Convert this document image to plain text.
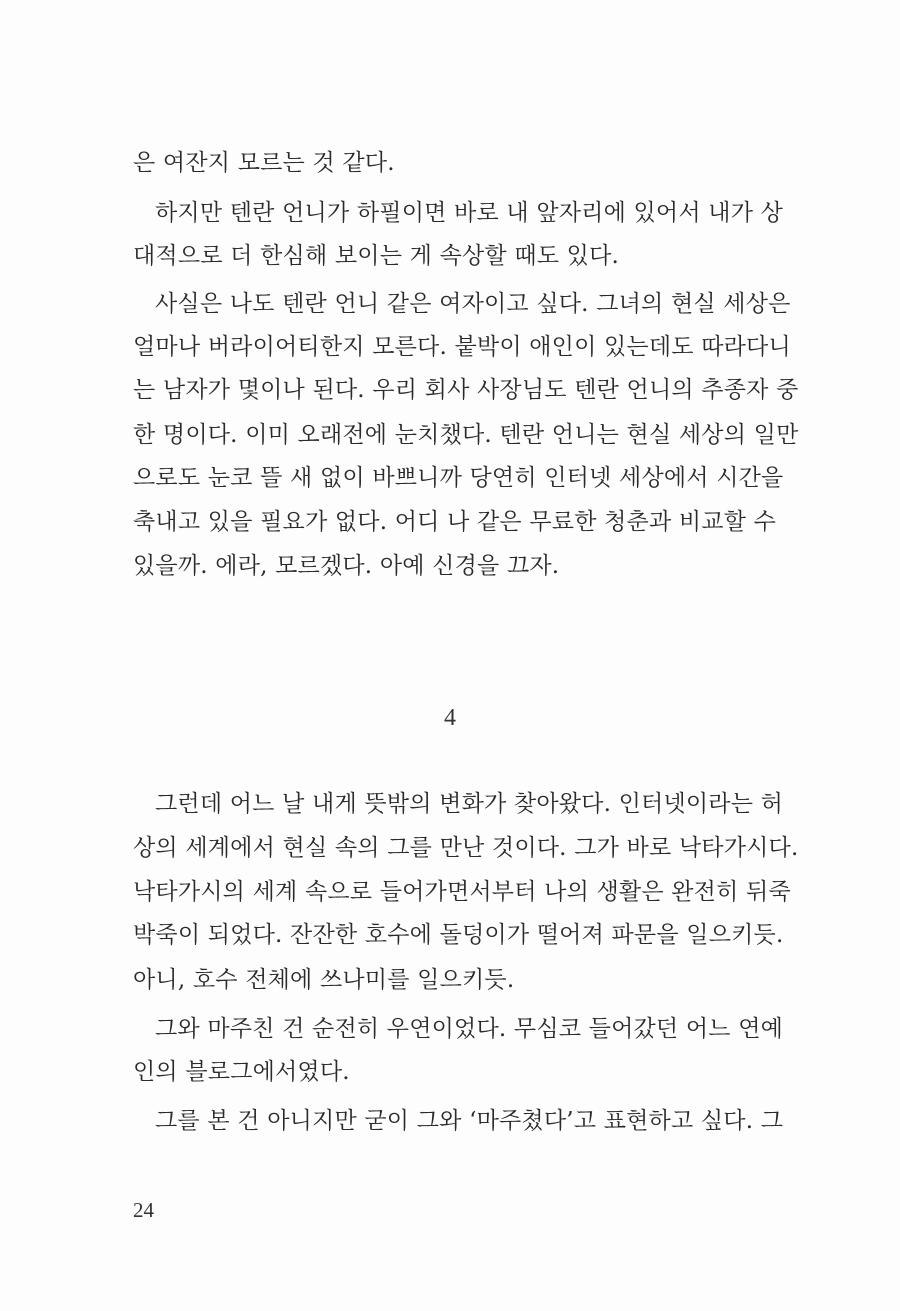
은 여잔지 모르는 것 같다.
하지만 텐란 언니가 하필이면 바로 내 앞자리에 있어서 내가 상
대적으로 더 한심해 보이는 게 속상할 때도 있다.
사실은 나도 텐란 언니 같은 여자이고 싶다. 그녀의 현실 세상은
얼마나 버라이어티한지 모른다. 붙박이 애인이 있는데도 따라다니
는 남자가 몇이나 된다. 우리 회사 사장님도 텐란 언니의 추종자 중
한 명이다. 이미 오래전에 눈치챘다. 텐란 언니는 현실 세상의 일만
으로도 눈코 뜰 새 없이 바쁘니까 당연히 인터넷 세상에서 시간을
축내고 있을 필요가 없다. 어디 나 같은 무료한 청춘과 비교할 수
있을까. 에라, 모르겠다. 아예 신경을 끄자.
4
그런데 어느 날 내게 뜻밖의 변화가 찾아왔다. 인터넷이라는 허
상의 세계에서 현실 속의 그를 만난 것이다. 그가 바로 낙타가시다.
낙타가시의 세계 속으로 들어가면서부터 나의 생활은 완전히 뒤죽
박죽이 되었다. 잔잔한 호수에 돌덩이가 떨어져 파문을 일으키듯.
아니, 호수 전체에 쓰나미를 일으키듯.
그와 마주친 건 순전히 우연이었다. 무심코 들어갔던 어느 연예
인의 블로그에서였다.
그를 본 건 아니지만 굳이 그와 ‘마주쳤다’고 표현하고 싶다. 그
24
